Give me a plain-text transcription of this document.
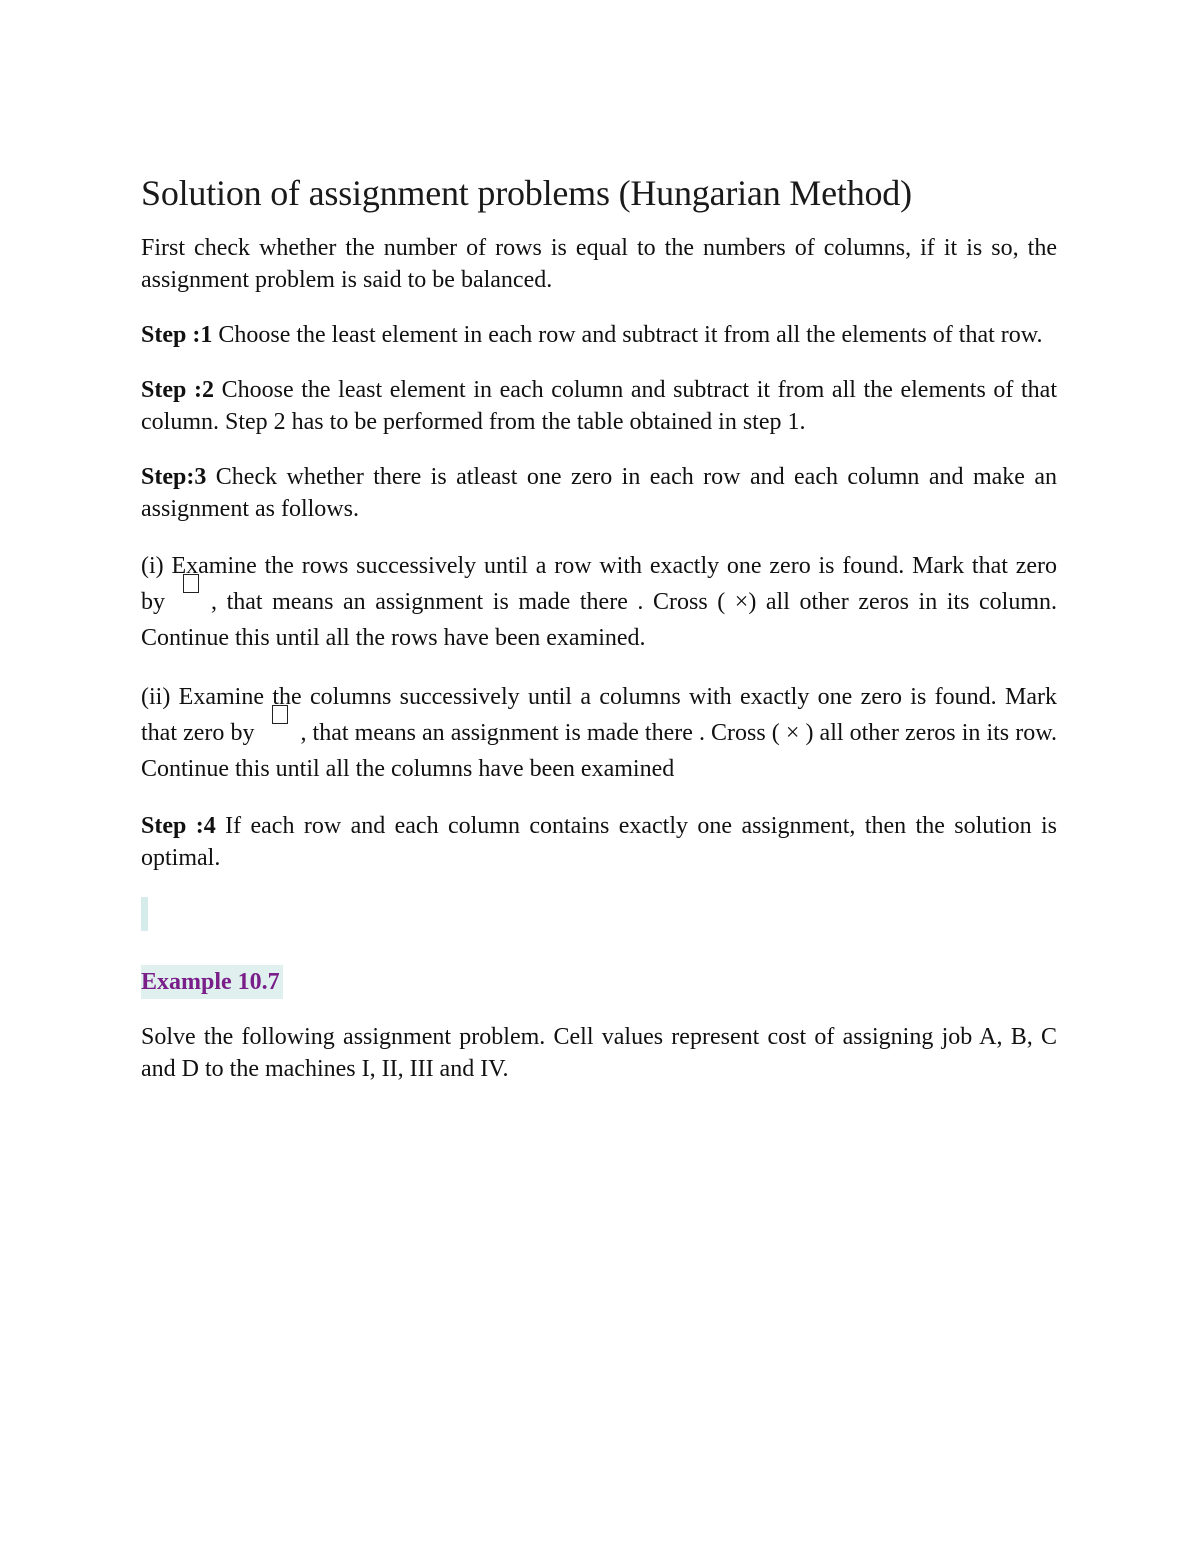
Solution of assignment problems (Hungarian Method)

First check whether the number of rows is equal to the numbers of columns, if it is so, the assignment problem is said to be balanced.

Step :1 Choose the least element in each row and subtract it from all the elements of that row.

Step :2 Choose the least element in each column and subtract it from all the elements of that column. Step 2 has to be performed from the table obtained in step 1.

Step:3 Check whether there is atleast one zero in each row and each column and make an assignment as follows.

(i) Examine the rows successively until a row with exactly one zero is found. Mark that zero by , that means an assignment is made there . Cross ( ×) all other zeros in its column. Continue this until all the rows have been examined.

(ii) Examine the columns successively until a columns with exactly one zero is found. Mark that zero by , that means an assignment is made there . Cross ( × ) all other zeros in its row. Continue this until all the columns have been examined

Step :4 If each row and each column contains exactly one assignment, then the solution is optimal.

Example 10.7

Solve the following assignment problem. Cell values represent cost of assigning job A, B, C and D to the machines I, II, III and IV.
